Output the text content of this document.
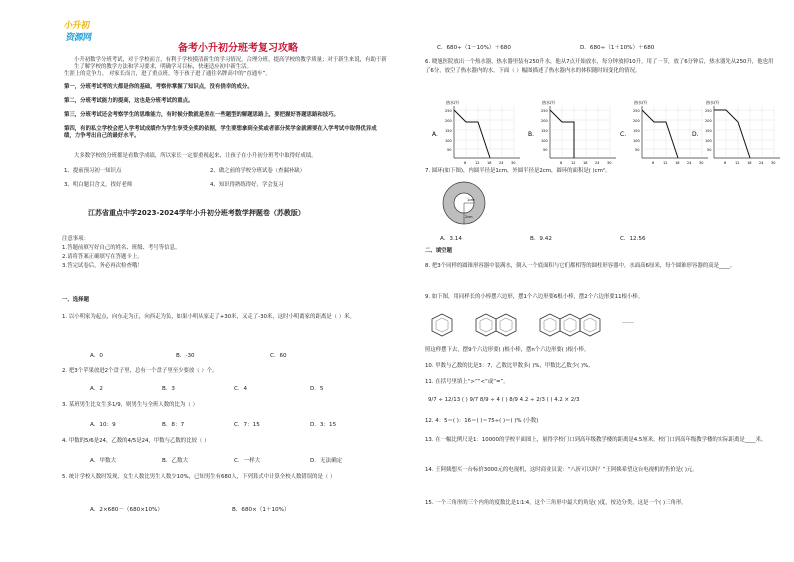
小升初
资源网
备考小升初分班考复习攻略
小升初数学分班考试，对于学校而言，有利于学校摸清新生的学习情况，合理分班，提高学校的教学质量；对于新生来说，有助于新生了解学校的教学方法和学习要求，明确学习目标，快速适应初中新生活。
生涯上的竞争力。 对家长而言，进了重点班，等于孩子进了通往名牌高中的“直通车”。
第一，分班考试考的大都是你的基础，考察你掌握了知识点，没有侥幸的成分。
第二，分班考试能力的提高，这也是分班考试的重点。
第三，分班考试还会考察学生的思维能力，有时候分数就是差在一些题型的解题思路上，要把握好答题思路和技巧。
第四，有的私立学校会把入学考试成绩作为学生享受全奖的依据，学生要想拿到全奖或者部分奖学金就需要在入学考试中取得优异成绩，力争考出自己的最好水平。
大多数学校的分班都是看数学成绩，所以家长一定要重视起来，让孩子在小升初分班考中取得好成绩。
1、提前预习初一知识点	2、做之前的学校分班试卷（查漏补缺）
3、明白题目含义，找好老师	4、知识得熟练得好，学会复习
江苏省重点中学2023-2024学年小升初分班考数学押题卷（苏教版）
注意事项：
1.答题前填写好自己的姓名、班级、考号等信息。
2.请将答案正确填写在答题卡上。
3.答完试卷后，务必再次检查哦！
一、选择题
1. 以小明家为起点，向东走为正，向西走为负，如果小明从家走了+30米，又走了-30米，这时小明离家的距离是（ ）米。
A．0	B．-30	C．60
2. 把3个苹果放进2个盘子里，总有一个盘子里至少要放（ ）个。
A．2	B．3	C．4	D．5
3. 某班男生比女生多1/9，则男生与全班人数的比为（ ）
A．10：9	B．8：7	C．7：15	D．3：15
4. 甲数的5/6是24，乙数的4/5是24，甲数与乙数的比较（ ）
A．甲数大	B．乙数大	C．一样大	D．无法确定
5. 统计学校人数时发现，女生人数比男生人数少10%，已知男生有680人，下列算式中计算全校人数错误的是（ ）
A．2×680－（680×10%）	B．680×（1＋10%）
C．680÷（1－10%）＋680	D．680÷（1＋10%）＋680
6. 晓旭医院放出一个热水器，热水器里装有250升水，他从7点开始放水，每分钟放掉10升，用了一节，放了6分钟后，热水器先从250升，他也用了6分，放空了热水器内的水。下面（ ）幅图描述了热水器内水的体积随时间变化的情况。
A.
热水/升
250
200
150
100
50
6	12 18 24 30
B.
热水/升
250
200
150
100
50
6	12 18 24 30
C.
热水/升
250
200
150
100
50
6	12 18 24 30
D.
热水/升
250
200
150
100
50
6	12 18 24 30
7. 圆环(如下图)，内圆半径是1cm，外圆半径是2cm，圆环的面积是( )cm²。
1cm
2cm
A．3.14	B．9.42	C．12.56
二、填空题
8. 把3个同样的圆锥形容器中装满水，倒入一个底面积与它们都相等的圆柱形容器中，水面高6厘米，每个圆锥形容器的高是____。
9. 如下图，用同样长的小棒摆六边形，摆1个六边形要6根小棒，摆2个六边形要11根小棒。
……
照这样摆下去，摆9个六边形要( )根小棒，摆n个六边形要( )根小棒。
10. 甲数与乙数的比是3：7，乙数比甲数多( )%，甲数比乙数少( )%。
11. 在括号里填上“>”“<”或“=”。
9/7 ÷ 12/13 ( ) 9/7 8/9 ÷ 4 ( ) 8/9 4.2 ÷ 2/3 ( ) 4.2 × 2/3
12. 4：5＝( )：16＝( )＝75÷( )＝( )% (小数)
13. 在一幅比例尺是1：10000的学校平面图上，量得学校门口到高年级教学楼的距离是4.5厘米，校门口到高年级教学楼的实际距离是____米。
14. 王阿姨想买一台标价3000元的电视机，这时商业员说：“八折可以吗？”王阿姨希望这台电视机的售价是( )元。
15. 一个三角形的三个内角的度数比是1∶1∶4，这个三角形中最大的角是( )度，按边分类，这是一个( )三角形。
